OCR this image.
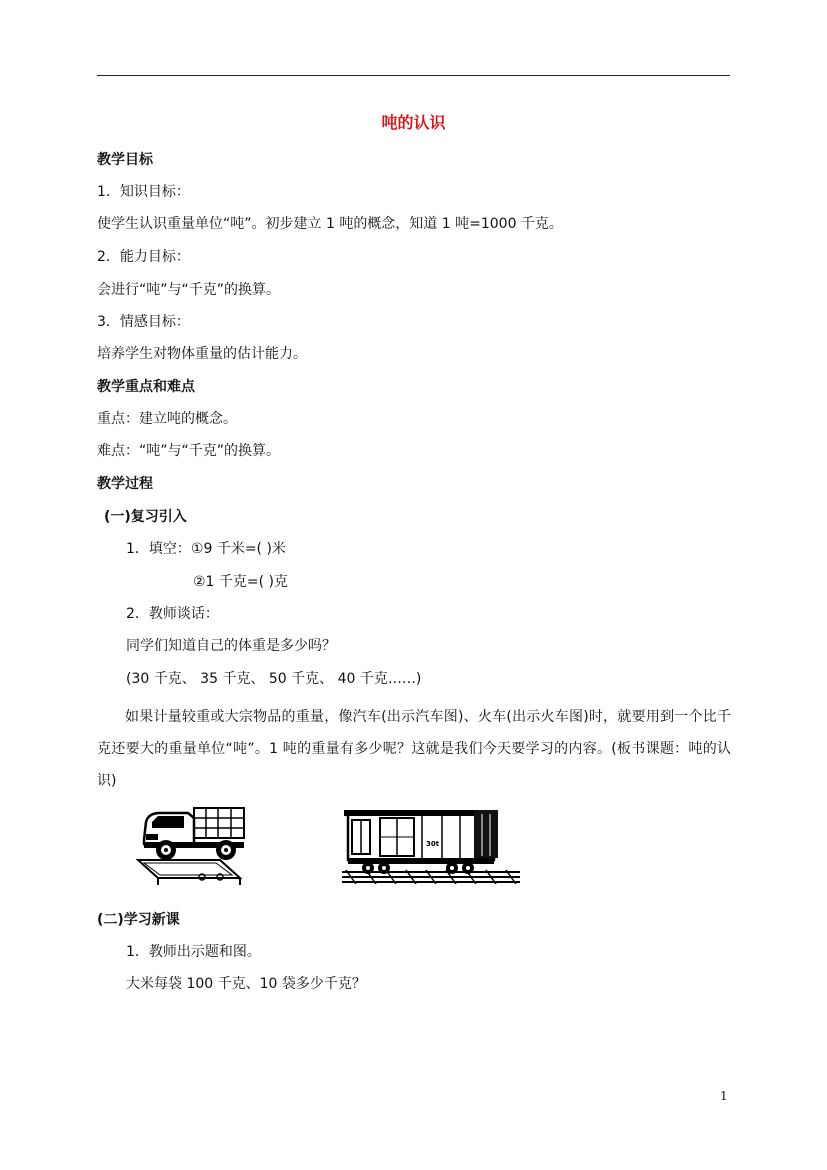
吨的认识

教学目标

1．知识目标：

使学生认识重量单位“吨”。初步建立 1 吨的概念，知道 1 吨=1000 千克。

2．能力目标：

会进行“吨”与“千克”的换算。

3．情感目标：

培养学生对物体重量的估计能力。

教学重点和难点

重点：建立吨的概念。

难点：“吨”与“千克”的换算。

教学过程

(一)复习引入

1．填空：①9 千米=( )米

②1 千克=( )克

2．教师谈话：

同学们知道自己的体重是多少吗？

(30 千克、 35 千克、 50 千克、 40 千克……)

如果计量较重或大宗物品的重量，像汽车(出示汽车图)、火车(出示火车图)时，就要用到一个比千克还要大的重量单位“吨”。1 吨的重量有多少呢？这就是我们今天要学习的内容。(板书课题：吨的认识)

30t

(二)学习新课

1．教师出示题和图。

大米每袋 100 千克、10 袋多少千克？

1
